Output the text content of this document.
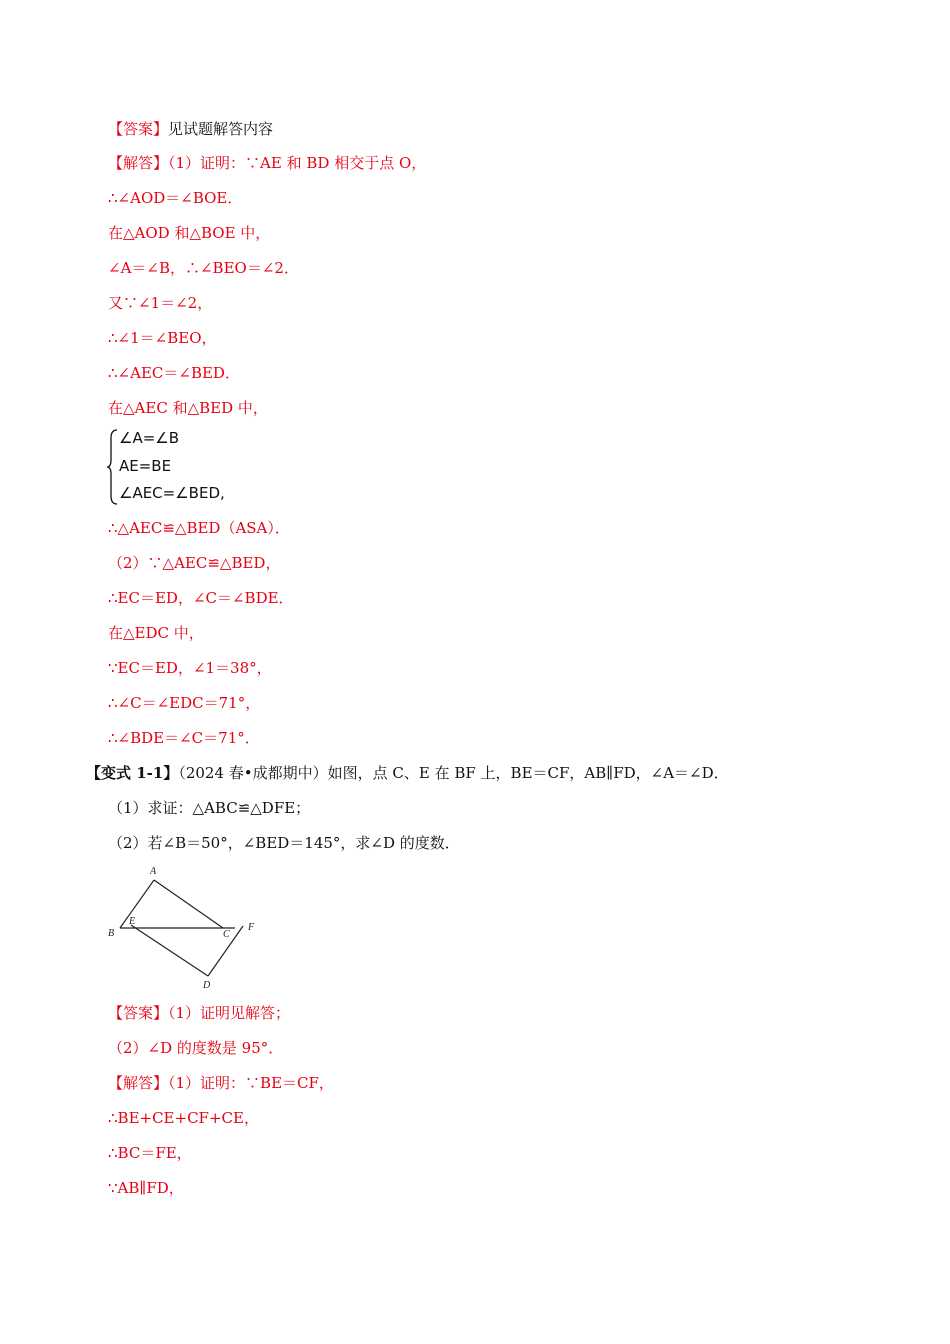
【答案】见试题解答内容
【解答】（1）证明：∵AE 和 BD 相交于点 O，
∴∠AOD＝∠BOE．
在△AOD 和△BOE 中，
∠A＝∠B，∴∠BEO＝∠2．
又∵∠1＝∠2，
∴∠1＝∠BEO，
∴∠AEC＝∠BED．
在△AEC 和△BED 中，
∠A=∠B
AE=BE
∠AEC=∠BED,
∴△AEC≌△BED（ASA）．
（2）∵△AEC≌△BED，
∴EC＝ED，∠C＝∠BDE．
在△EDC 中，
∵EC＝ED，∠1＝38°，
∴∠C＝∠EDC＝71°，
∴∠BDE＝∠C＝71°．
【变式 1-1】（2024 春•成都期中）如图，点 C、E 在 BF 上，BE＝CF，AB∥FD，∠A＝∠D．
（1）求证：△ABC≌△DFE；
（2）若∠B＝50°，∠BED＝145°，求∠D 的度数．
A
B
E
C
F
D
【答案】（1）证明见解答；
（2）∠D 的度数是 95°．
【解答】（1）证明：∵BE＝CF，
∴BE+CE+CF+CE，
∴BC＝FE，
∵AB∥FD，
